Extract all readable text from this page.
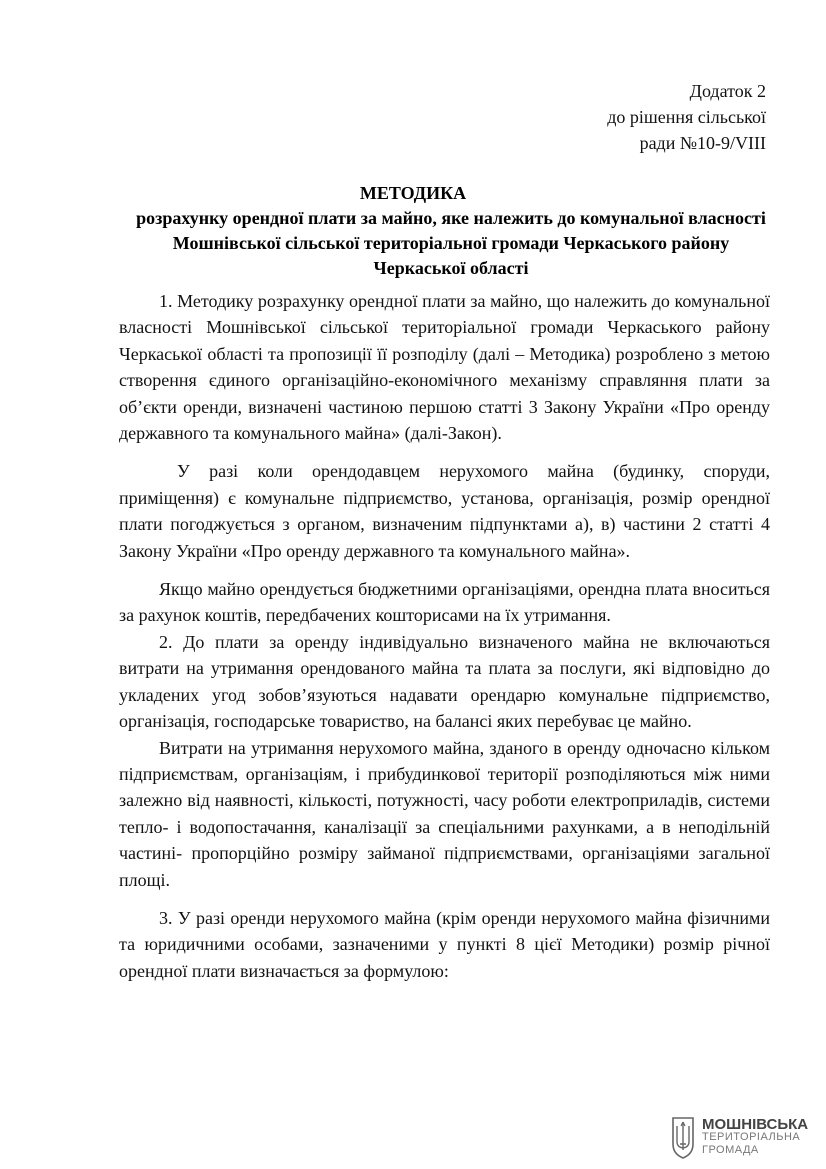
Додаток 2
до рішення сільської
ради №10-9/VIII
МЕТОДИКА
розрахунку орендної плати за майно, яке належить до комунальної власності Мошнівської сільської територіальної громади Черкаського району Черкаської області

1. Методику розрахунку орендної плати за майно, що належить до комунальної власності Мошнівської сільської територіальної громади Черкаського району Черкаської області та пропозиції її розподілу (далі – Методика) розроблено з метою створення єдиного організаційно-економічного механізму справляння плати за об’єкти оренди, визначені частиною першою статті 3 Закону України «Про оренду державного та комунального майна» (далі-Закон).

У разі коли орендодавцем нерухомого майна (будинку, споруди, приміщення) є комунальне підприємство, установа, організація, розмір орендної плати погоджується з органом, визначеним підпунктами а), в) частини 2 статті 4 Закону України «Про оренду державного та комунального майна».

Якщо майно орендується бюджетними організаціями, орендна плата вноситься за рахунок коштів, передбачених кошторисами на їх утримання.

2. До плати за оренду індивідуально визначеного майна не включаються витрати на утримання орендованого майна та плата за послуги, які відповідно до укладених угод зобов’язуються надавати орендарю комунальне підприємство, організація, господарське товариство, на балансі яких перебуває це майно.

Витрати на утримання нерухомого майна, зданого в оренду одночасно кільком підприємствам, організаціям, і прибудинкової території розподіляються між ними залежно від наявності, кількості, потужності, часу роботи електроприладів, системи тепло- і водопостачання, каналізації за спеціальними рахунками, а в неподільній частині- пропорційно розміру займаної підприємствами, організаціями загальної площі.

3. У разі оренди нерухомого майна (крім оренди нерухомого майна фізичними та юридичними особами, зазначеними у пункті 8 цієї Методики) розмір річної орендної плати визначається за формулою:

МОШНІВСЬКА
ТЕРИТОРІАЛЬНА
ГРОМАДА
